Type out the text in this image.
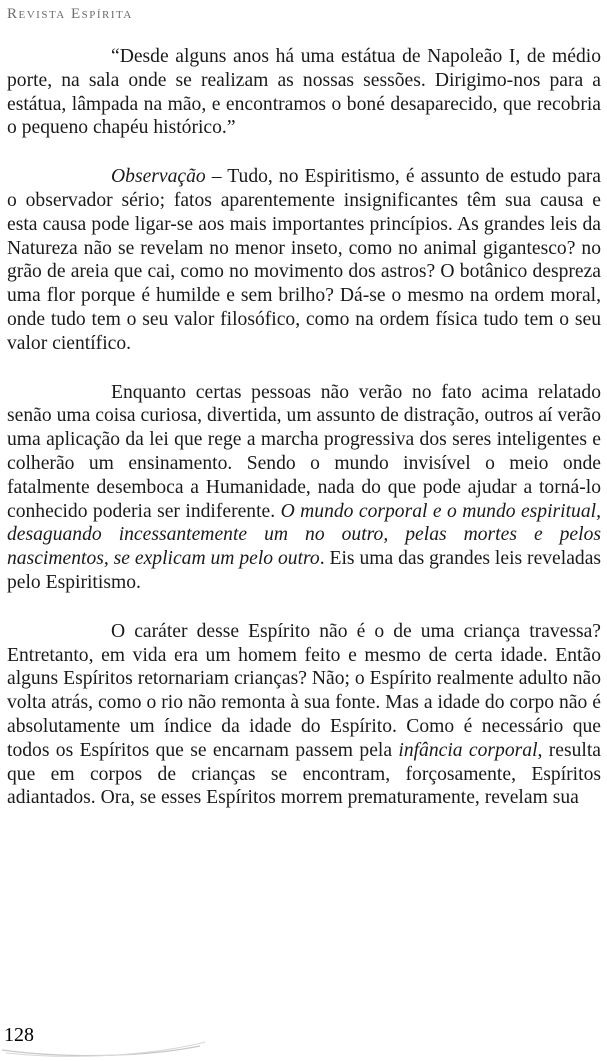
Revista Espírita

“Desde alguns anos há uma estátua de Napoleão I, de médio porte, na sala onde se realizam as nossas sessões. Dirigimo-nos para a estátua, lâmpada na mão, e encontramos o boné desaparecido, que recobria o pequeno chapéu histórico.”

Observação – Tudo, no Espiritismo, é assunto de estudo para o observador sério; fatos aparentemente insignificantes têm sua causa e esta causa pode ligar-se aos mais importantes princípios. As grandes leis da Natureza não se revelam no menor inseto, como no animal gigantesco? no grão de areia que cai, como no movimento dos astros? O botânico despreza uma flor porque é humilde e sem brilho? Dá-se o mesmo na ordem moral, onde tudo tem o seu valor filosófico, como na ordem física tudo tem o seu valor científico.

Enquanto certas pessoas não verão no fato acima relatado senão uma coisa curiosa, divertida, um assunto de distração, outros aí verão uma aplicação da lei que rege a marcha progressiva dos seres inteligentes e colherão um ensinamento. Sendo o mundo invisível o meio onde fatalmente desemboca a Humanidade, nada do que pode ajudar a torná-lo conhecido poderia ser indiferente. O mundo corporal e o mundo espiritual, desaguando incessantemente um no outro, pelas mortes e pelos nascimentos, se explicam um pelo outro. Eis uma das grandes leis reveladas pelo Espiritismo.

O caráter desse Espírito não é o de uma criança travessa? Entretanto, em vida era um homem feito e mesmo de certa idade. Então alguns Espíritos retornariam crianças? Não; o Espírito realmente adulto não volta atrás, como o rio não remonta à sua fonte. Mas a idade do corpo não é absolutamente um índice da idade do Espírito. Como é necessário que todos os Espíritos que se encarnam passem pela infância corporal, resulta que em corpos de crianças se encontram, forçosamente, Espíritos adiantados. Ora, se esses Espíritos morrem prematuramente, revelam sua

128
